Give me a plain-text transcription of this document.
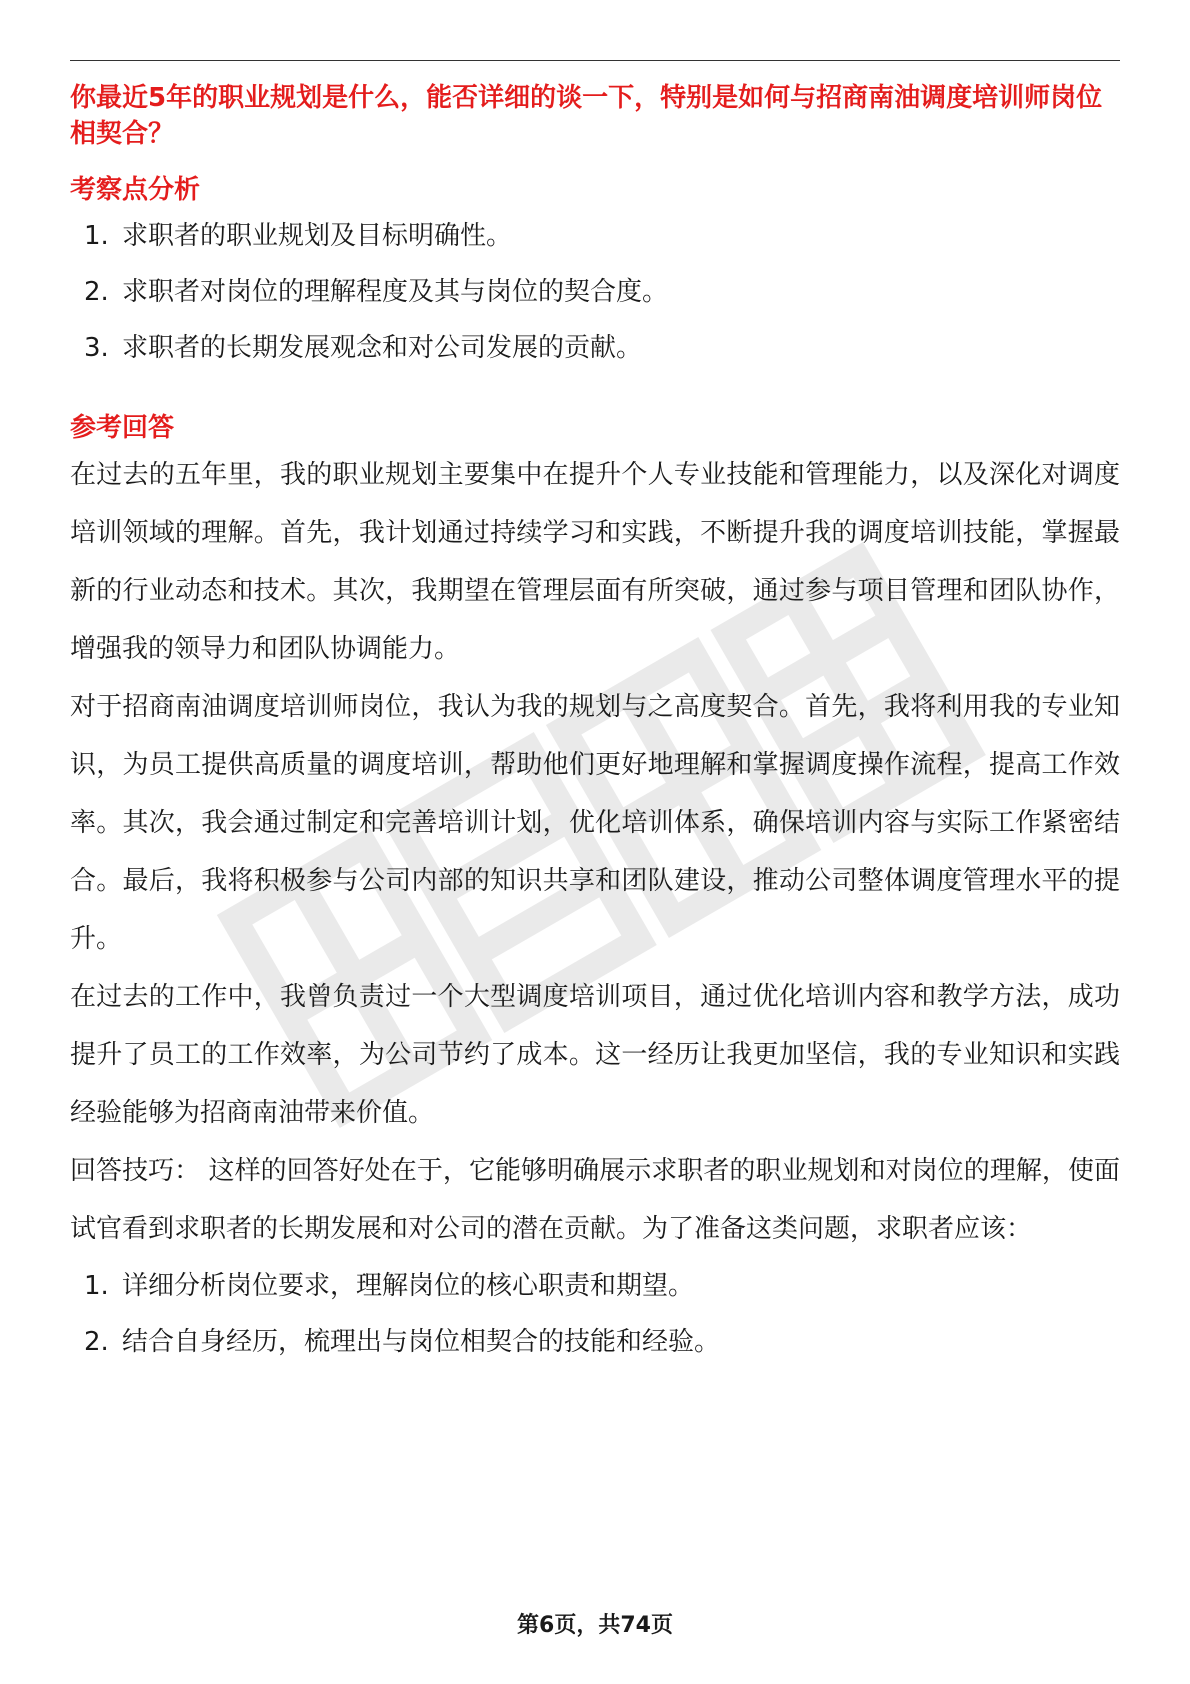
你最近5年的职业规划是什么，能否详细的谈一下，特别是如何与招商南油调度培训师岗位相契合？
考察点分析
1. 求职者的职业规划及目标明确性。
2. 求职者对岗位的理解程度及其与岗位的契合度。
3. 求职者的长期发展观念和对公司发展的贡献。
参考回答

在过去的五年里，我的职业规划主要集中在提升个人专业技能和管理能力，以及深化对调度培训领域的理解。首先，我计划通过持续学习和实践，不断提升我的调度培训技能，掌握最新的行业动态和技术。其次，我期望在管理层面有所突破，通过参与项目管理和团队协作，增强我的领导力和团队协调能力。

对于招商南油调度培训师岗位，我认为我的规划与之高度契合。首先，我将利用我的专业知识，为员工提供高质量的调度培训，帮助他们更好地理解和掌握调度操作流程，提高工作效率。其次，我会通过制定和完善培训计划，优化培训体系，确保培训内容与实际工作紧密结合。最后，我将积极参与公司内部的知识共享和团队建设，推动公司整体调度管理水平的提升。

在过去的工作中，我曾负责过一个大型调度培训项目，通过优化培训内容和教学方法，成功提升了员工的工作效率，为公司节约了成本。这一经历让我更加坚信，我的专业知识和实践经验能够为招商南油带来价值。

回答技巧： 这样的回答好处在于，它能够明确展示求职者的职业规划和对岗位的理解，使面试官看到求职者的长期发展和对公司的潜在贡献。为了准备这类问题，求职者应该：

1. 详细分析岗位要求，理解岗位的核心职责和期望。
2. 结合自身经历，梳理出与岗位相契合的技能和经验。
第6页，共74页
